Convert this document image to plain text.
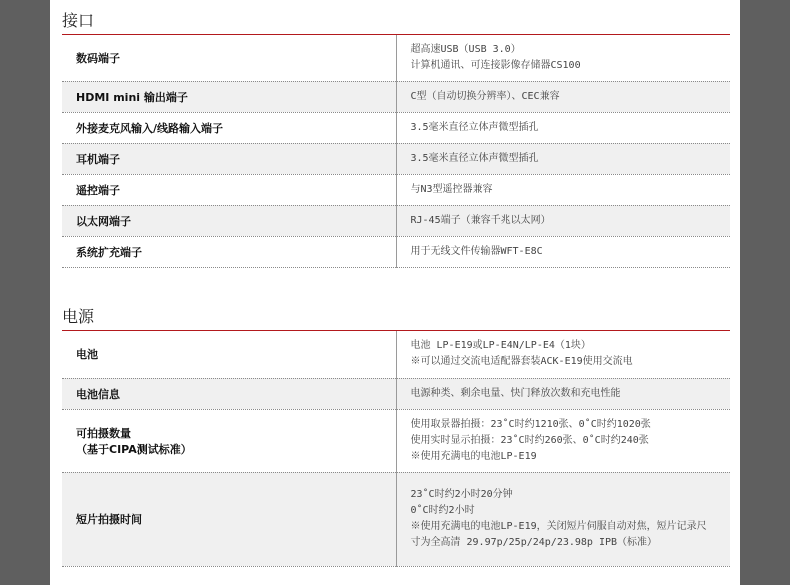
接口
数码端子	超高速USB（USB 3.0）
计算机通讯、可连接影像存储器CS100

HDMI mini 输出端子	C型（自动切换分辨率）、CEC兼容

外接麦克风输入/线路输入端子	3.5毫米直径立体声微型插孔

耳机端子	3.5毫米直径立体声微型插孔

遥控端子	与N3型遥控器兼容

以太网端子	RJ-45端子（兼容千兆以太网）

系统扩充端子	用于无线文件传输器WFT-E8C
电源
电池	电池 LP-E19或LP-E4N/LP-E4（1块）
※可以通过交流电适配器套装ACK-E19使用交流电

电池信息	电源种类、剩余电量、快门释放次数和充电性能

可拍摄数量
（基于CIPA测试标准）	使用取景器拍摄：23˚C时约1210张、0˚C时约1020张
使用实时显示拍摄：23˚C时约260张、0˚C时约240张
※使用充满电的电池LP-E19

短片拍摄时间	23˚C时约2小时20分钟
0˚C时约2小时
※使用充满电的电池LP-E19，关闭短片伺服自动对焦，短片记录尺寸为全高清 29.97p/25p/24p/23.98p IPB（标准）
